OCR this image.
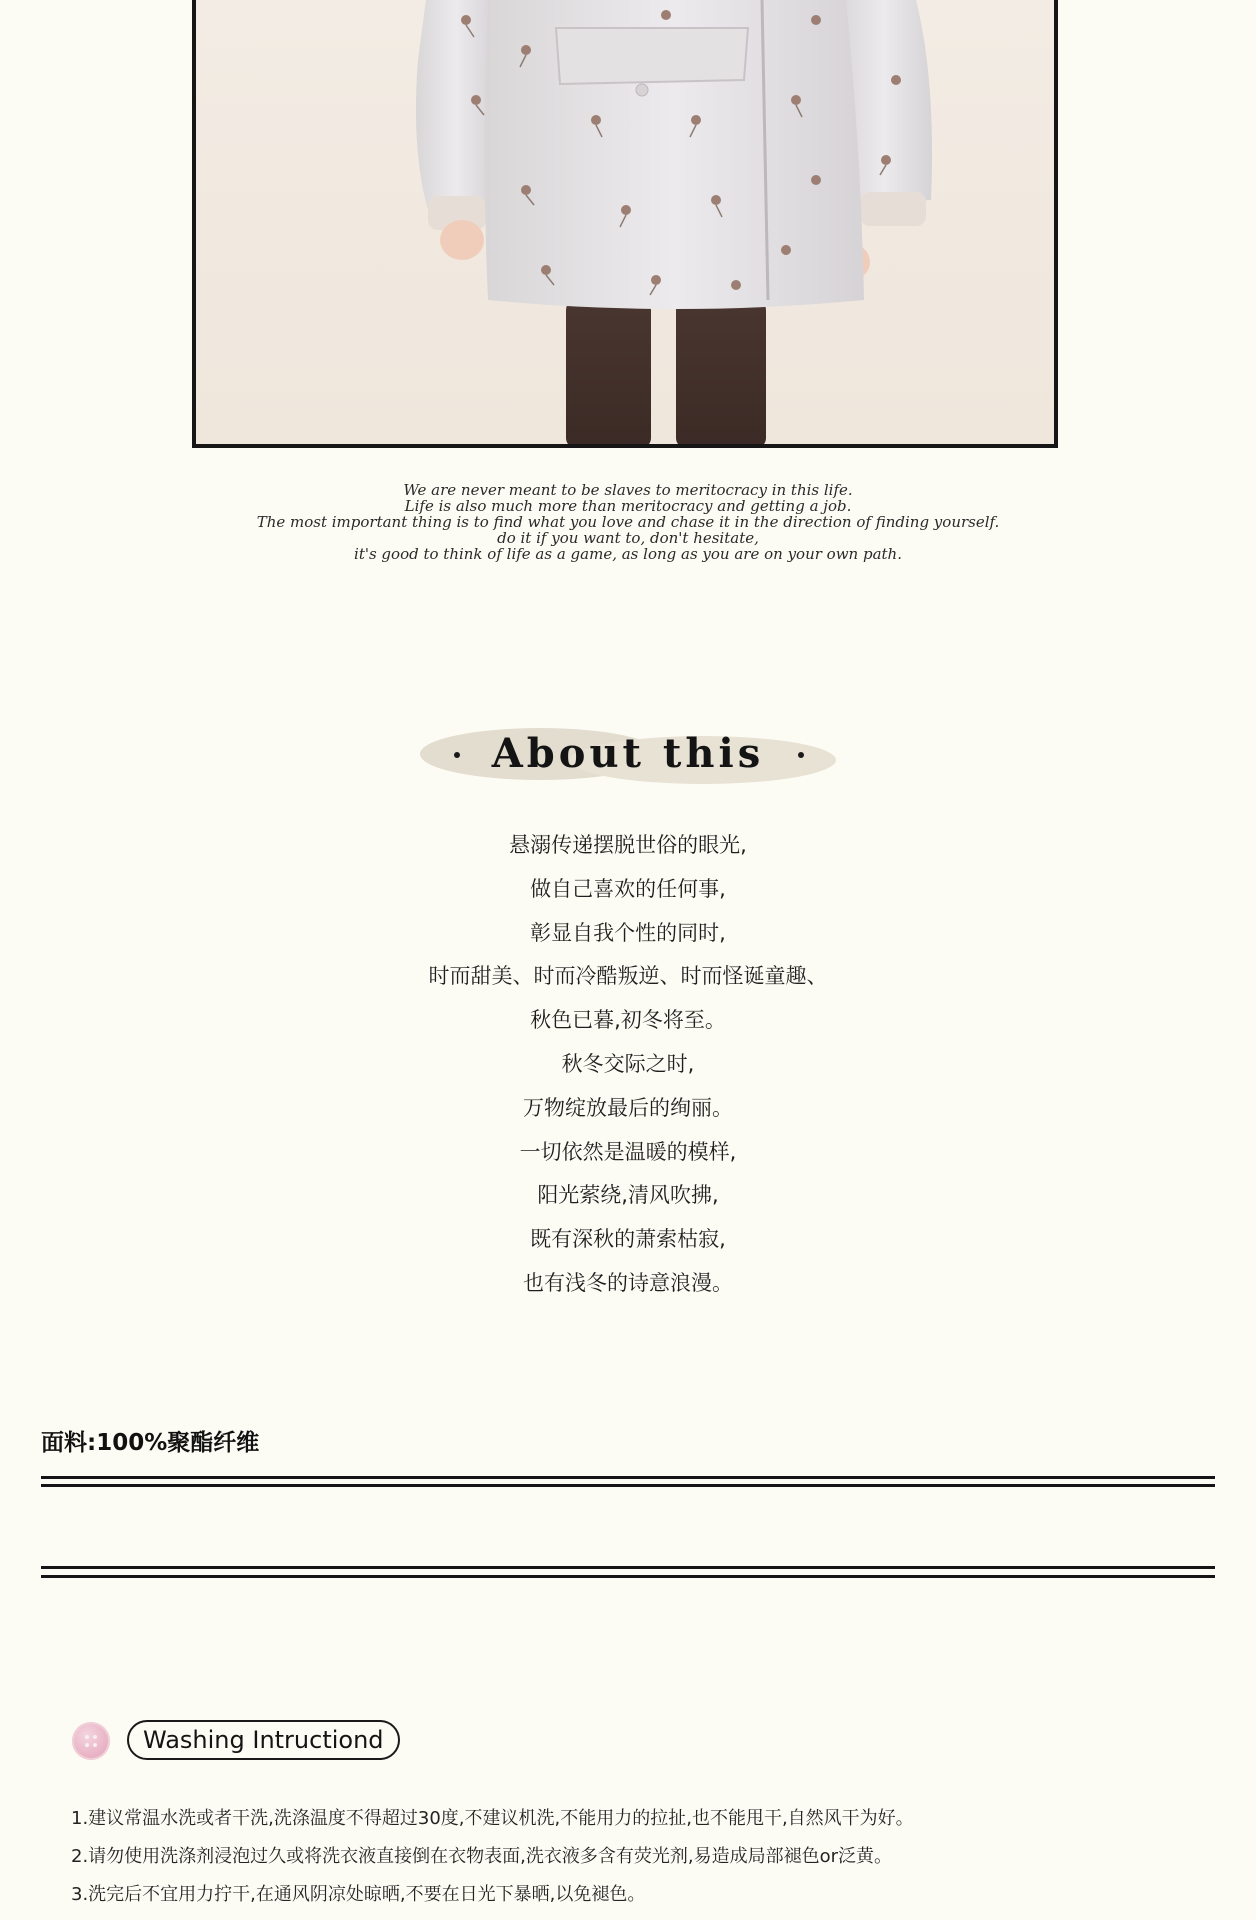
We are never meant to be slaves to meritocracy in this life.
Life is also much more than meritocracy and getting a job.
The most important thing is to find what you love and chase it in the direction of finding yourself.
do it if you want to, don't hesitate,
it's good to think of life as a game, as long as you are on your own path.
About this
悬溺传递摆脱世俗的眼光,
做自己喜欢的任何事,
彰显自我个性的同时,
时而甜美、时而冷酷叛逆、时而怪诞童趣、
秋色已暮,初冬将至。
秋冬交际之时,
万物绽放最后的绚丽。
一切依然是温暖的模样,
阳光萦绕,清风吹拂,
既有深秋的萧索枯寂,
也有浅冬的诗意浪漫。
面料:100%聚酯纤维
Washing Intructiond
1.建议常温水洗或者干洗,洗涤温度不得超过30度,不建议机洗,不能用力的拉扯,也不能甩干,自然风干为好。
2.请勿使用洗涤剂浸泡过久或将洗衣液直接倒在衣物表面,洗衣液多含有荧光剂,易造成局部褪色or泛黄。
3.洗完后不宜用力拧干,在通风阴凉处晾晒,不要在日光下暴晒,以免褪色。
